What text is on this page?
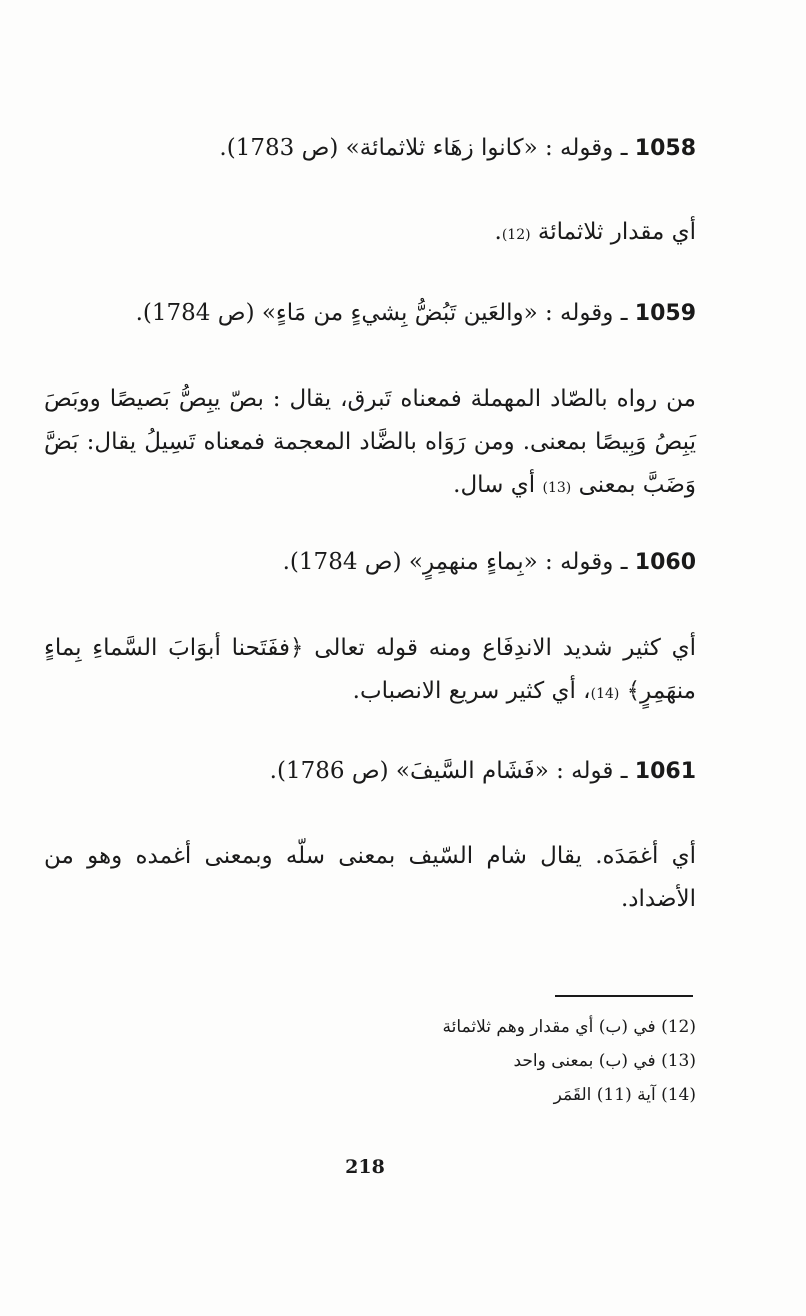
1058 ـ وقوله : «كانوا زهَاء ثلاثمائة» (ص 1783).
أي مقدار ثلاثمائة (12).
1059 ـ وقوله : «والعَين تَبُضُّ بِشيءٍ من مَاءٍ» (ص 1784).
من رواه بالصّاد المهملة فمعناه تَبرق، يقال : بصّ يبِصُّ بَصيصًا ووبَصَ يَبِصُ وَبِيصًا بمعنى. ومن رَوَاه بالضَّاد المعجمة فمعناه تَسِيلُ يقال: بَضَّ وَضَبَّ بمعنى (13) أي سال.
1060 ـ وقوله : «بِماءٍ منهمِرٍ» (ص 1784).
أي كثير شديد الاندِفَاع ومنه قوله تعالى ﴿ففَتَحنا أبوَابَ السَّماءِ بِماءٍ منهَمِرٍ﴾ (14)، أي كثير سريع الانصباب.
1061 ـ قوله : «فَشَام السَّيفَ» (ص 1786).
أي أغمَدَه. يقال شام السّيف بمعنى سلّه وبمعنى أغمده وهو من الأضداد.
(12) في (ب) أي مقدار وهم ثلاثمائة
(13) في (ب) بمعنى واحد
(14) آية (11) القَمَر
218
